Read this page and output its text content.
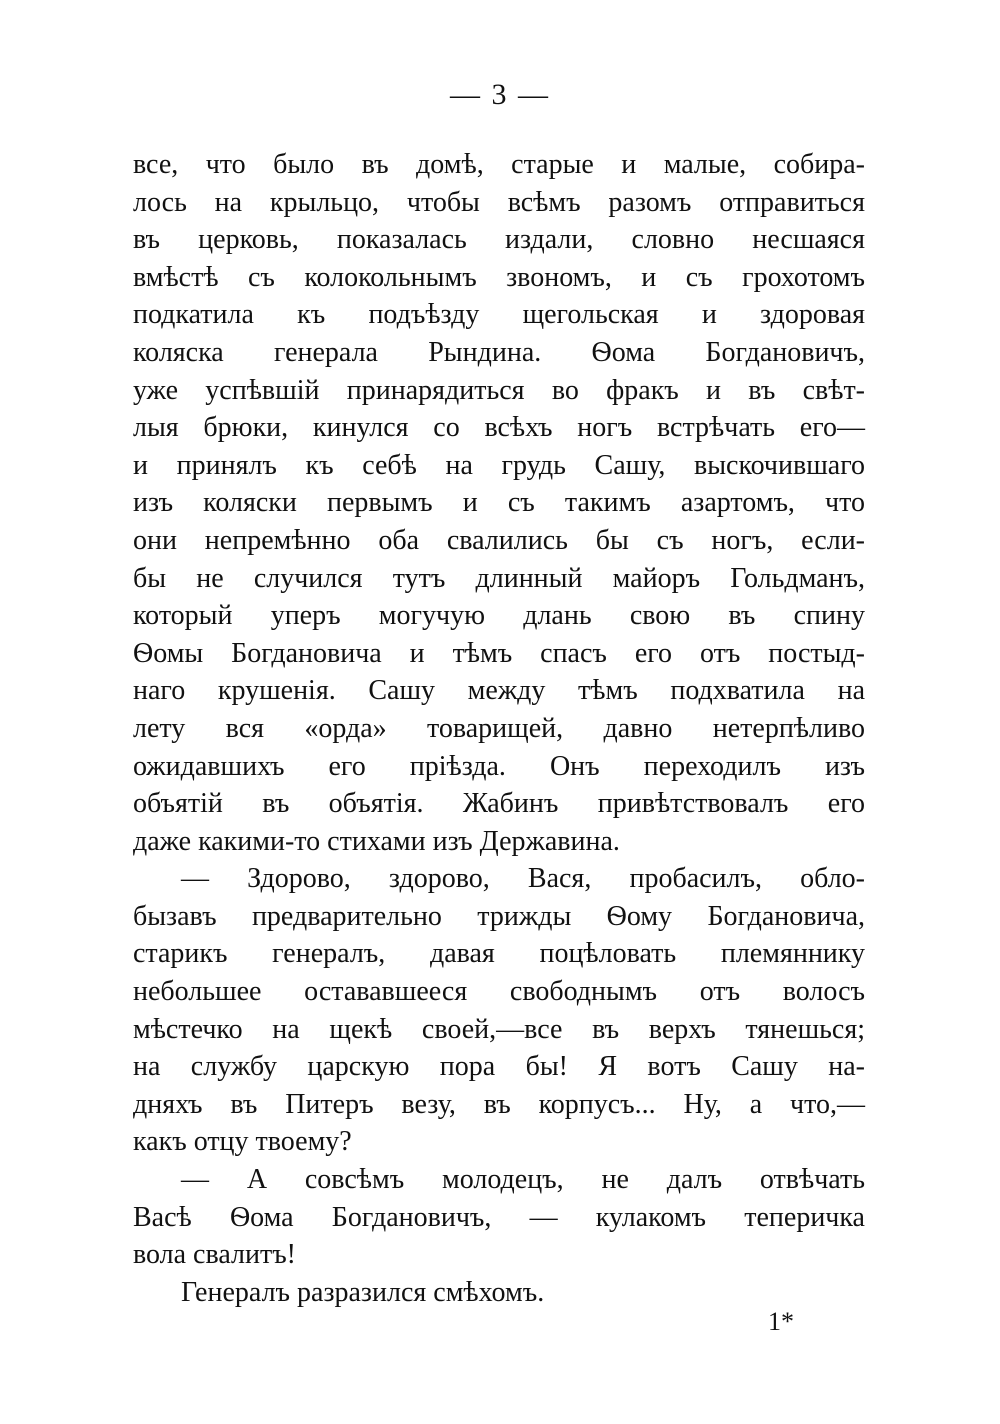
— 3 —
все, что было въ домѣ, старые и малые, собира-
лось на крыльцо, чтобы всѣмъ разомъ отправиться
въ церковь, показалась издали, словно несшаяся
вмѣстѣ съ колокольнымъ звономъ, и съ грохотомъ
подкатила къ подъѣзду щегольская и здоровая
коляска генерала Рындина. Ѳома Богдановичъ,
уже успѣвшій принарядиться во фракъ и въ свѣт-
лыя брюки, кинулся со всѣхъ ногъ встрѣчать его—
и принялъ къ себѣ на грудь Сашу, выскочившаго
изъ коляски первымъ и съ такимъ азартомъ, что
они непремѣнно оба свалились бы съ ногъ, если-
бы не случился тутъ длинный майоръ Гольдманъ,
который уперъ могучую длань свою въ спину
Ѳомы Богдановича и тѣмъ спасъ его отъ постыд-
наго крушенія. Сашу между тѣмъ подхватила на
лету вся «орда» товарищей, давно нетерпѣливо
ожидавшихъ его пріѣзда. Онъ переходилъ изъ
объятій въ объятія. Жабинъ привѣтствовалъ его
даже какими-то стихами изъ Державина.
— Здорово, здорово, Вася, пробасилъ, обло-
бызавъ предварительно трижды Ѳому Богдановича,
старикъ генералъ, давая поцѣловать племяннику
небольшее остававшееся свободнымъ отъ волосъ
мѣстечко на щекѣ своей,—все въ верхъ тянешься;
на службу царскую пора бы! Я вотъ Сашу на-
дняхъ въ Питеръ везу, въ корпусъ... Ну, а что,—
какъ отцу твоему?
— А совсѣмъ молодецъ, не далъ отвѣчать
Васѣ Ѳома Богдановичъ, — кулакомъ теперичка
вола свалитъ!
Генералъ разразился смѣхомъ.
1*
